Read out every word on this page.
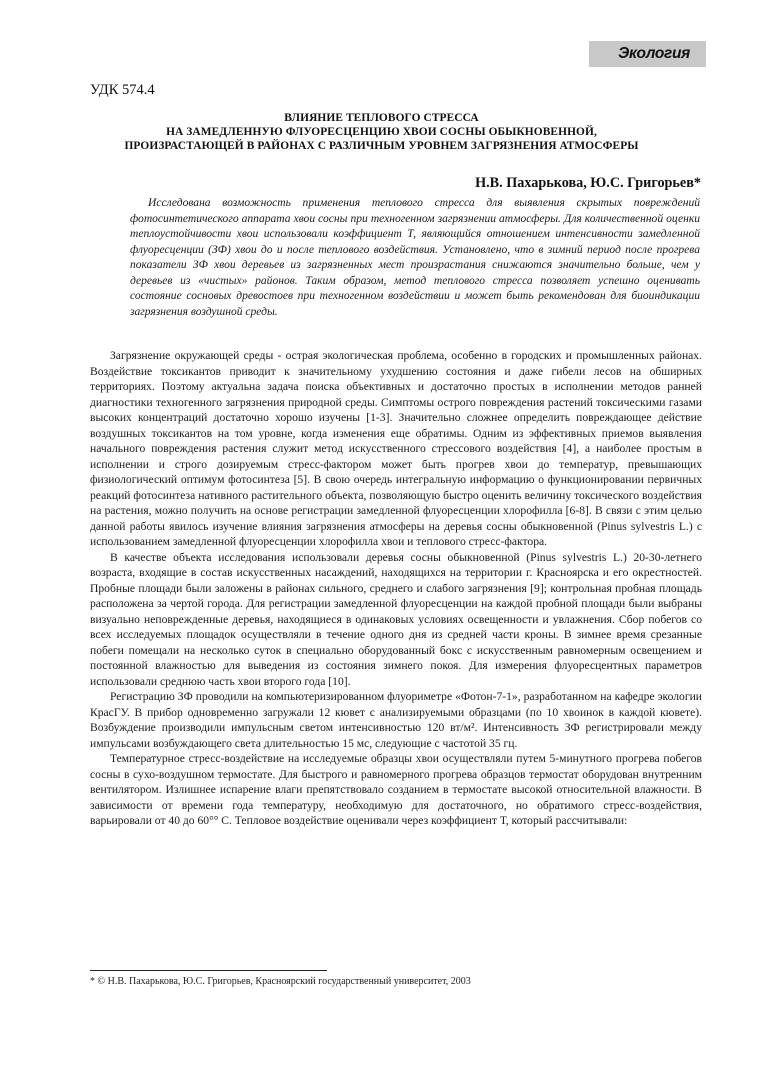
Экология
УДК 574.4
ВЛИЯНИЕ ТЕПЛОВОГО СТРЕССА
НА ЗАМЕДЛЕННУЮ ФЛУОРЕСЦЕНЦИЮ ХВОИ СОСНЫ ОБЫКНОВЕННОЙ,
ПРОИЗРАСТАЮЩЕЙ В РАЙОНАХ С РАЗЛИЧНЫМ УРОВНЕМ ЗАГРЯЗНЕНИЯ АТМОСФЕРЫ
Н.В. Пахарькова, Ю.С. Григорьев*
Исследована возможность применения теплового стресса для выявления скрытых повреждений фотосинтетического аппарата хвои сосны при техногенном загрязнении атмосферы. Для количественной оценки теплоустойчивости хвои использовали коэффициент Т, являющийся отношением интенсивности замедленной флуоресценции (ЗФ) хвои до и после теплового воздействия. Установлено, что в зимний период после прогрева показатели ЗФ хвои деревьев из загрязненных мест произрастания снижаются значительно больше, чем у деревьев из «чистых» районов. Таким образом, метод теплового стресса позволяет успешно оценивать состояние сосновых древостоев при техногенном воздействии и может быть рекомендован для биоиндикации загрязнения воздушной среды.

Загрязнение окружающей среды - острая экологическая проблема, особенно в городских и промышленных районах. Воздействие токсикантов приводит к значительному ухудшению состояния и даже гибели лесов на обширных территориях. Поэтому актуальна задача поиска объективных и достаточно простых в исполнении методов ранней диагностики техногенного загрязнения природной среды. Симптомы острого повреждения растений токсическими газами высоких концентраций достаточно хорошо изучены [1-3]. Значительно сложнее определить повреждающее действие воздушных токсикантов на том уровне, когда изменения еще обратимы. Одним из эффективных приемов выявления начального повреждения растения служит метод искусственного стрессового воздействия [4], а наиболее простым в исполнении и строго дозируемым стресс-фактором может быть прогрев хвои до температур, превышающих физиологический оптимум фотосинтеза [5]. В свою очередь интегральную информацию о функционировании первичных реакций фотосинтеза нативного растительного объекта, позволяющую быстро оценить величину токсического воздействия на растения, можно получить на основе регистрации замедленной флуоресценции хлорофилла [6-8]. В связи с этим целью данной работы явилось изучение влияния загрязнения атмосферы на деревья сосны обыкновенной (Pinus sylvestris L.) с использованием замедленной флуоресценции хлорофилла хвои и теплового стресс-фактора.

В качестве объекта исследования использовали деревья сосны обыкновенной (Pinus sylvestris L.) 20-30-летнего возраста, входящие в состав искусственных насаждений, находящихся на территории г. Красноярска и его окрестностей. Пробные площади были заложены в районах сильного, среднего и слабого загрязнения [9]; контрольная пробная площадь расположена за чертой города. Для регистрации замедленной флуоресценции на каждой пробной площади были выбраны визуально неповрежденные деревья, находящиеся в одинаковых условиях освещенности и увлажнения. Сбор побегов со всех исследуемых площадок осуществляли в течение одного дня из средней части кроны. В зимнее время срезанные побеги помещали на несколько суток в специально оборудованный бокс с искусственным равномерным освещением и постоянной влажностью для выведения из состояния зимнего покоя. Для измерения флуоресцентных параметров использовали среднюю часть хвои второго года [10].

Регистрацию ЗФ проводили на компьютеризированном флуориметре «Фотон-7-1», разработанном на кафедре экологии КрасГУ. В прибор одновременно загружали 12 кювет с анализируемыми образцами (по 10 хвоинок в каждой кювете). Возбуждение производили импульсным светом интенсивностью 120 вт/м². Интенсивность ЗФ регистрировали между импульсами возбуждающего света длительностью 15 мс, следующие с частотой 35 гц.

Температурное стресс-воздействие на исследуемые образцы хвои осуществляли путем 5-минутного прогрева побегов сосны в сухо-воздушном термостате. Для быстрого и равномерного прогрева образцов термостат оборудован внутренним вентилятором. Излишнее испарение влаги препятствовало созданием в термостате высокой относительной влажности. В зависимости от времени года температуру, необходимую для достаточного, но обратимого стресс-воздействия, варьировали от 40 до 60°° С. Тепловое воздействие оценивали через коэффициент Т, который рассчитывали:

* © Н.В. Пахарькова, Ю.С. Григорьев, Красноярский государственный университет, 2003
